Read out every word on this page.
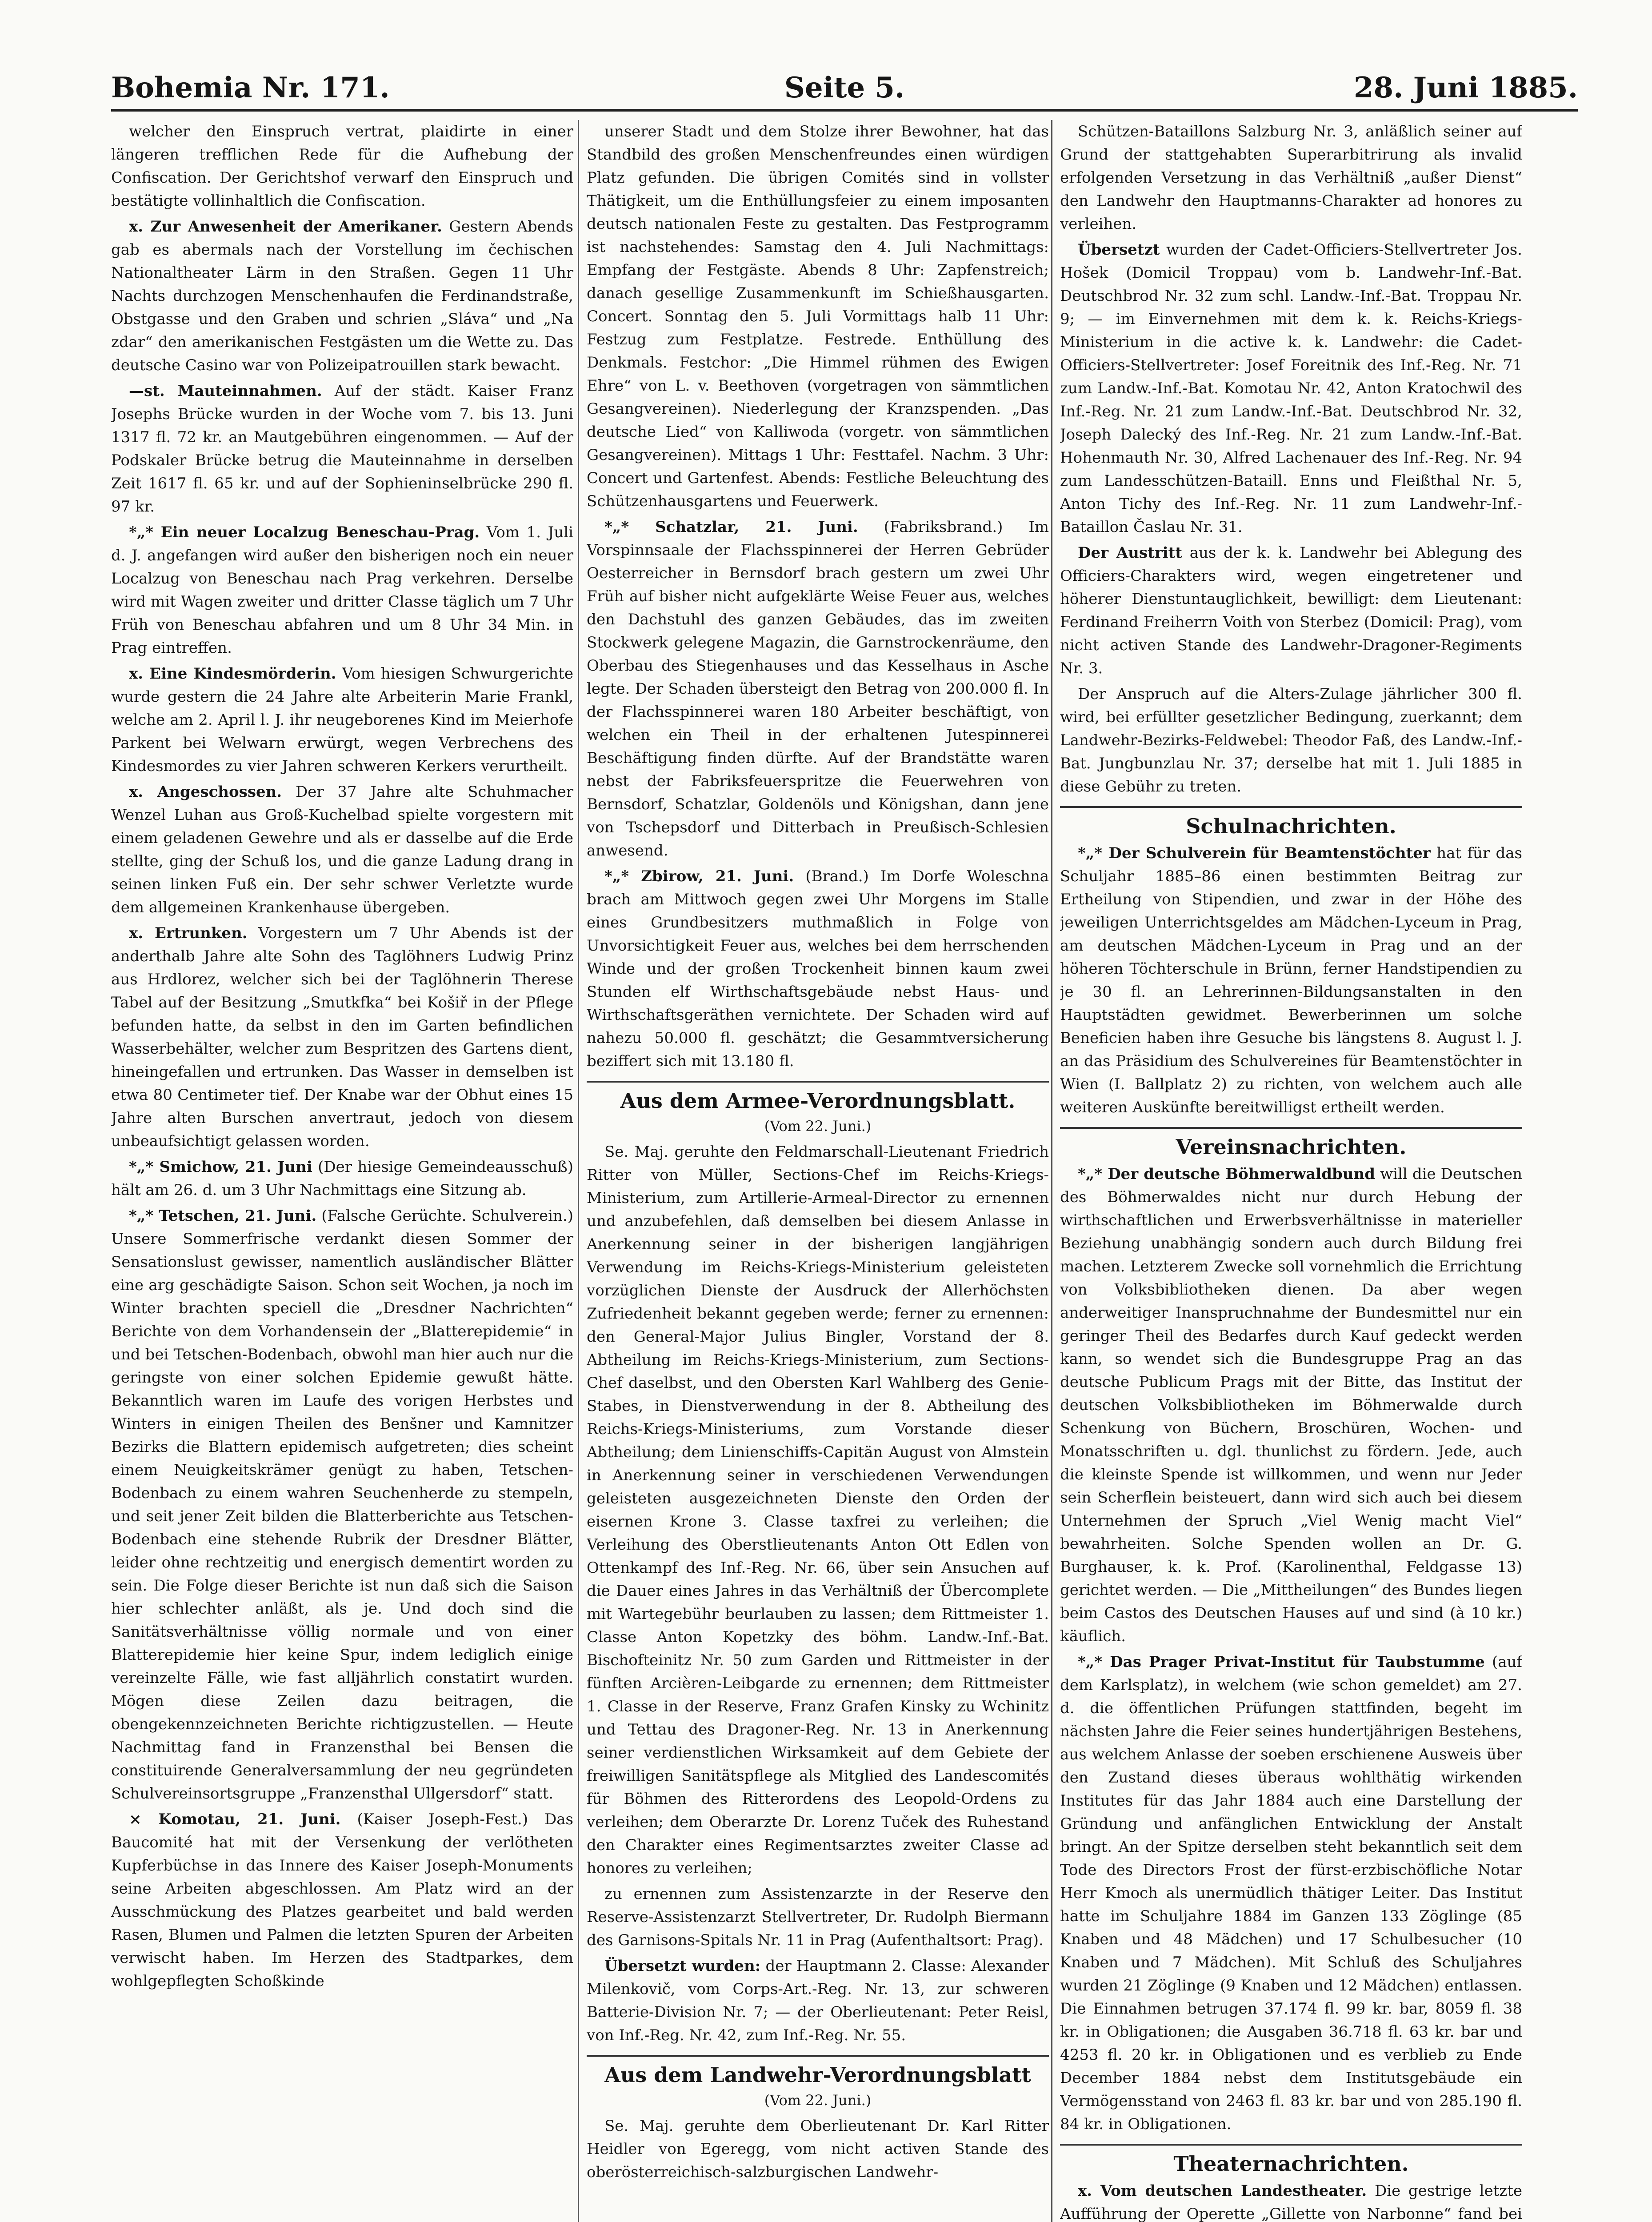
Bohemia Nr. 171.	Seite 5.	28. Juni 1885.

welcher den Einspruch vertrat, plaidirte in einer längeren trefflichen Rede für die Aufhebung der Confiscation. Der Gerichtshof verwarf den Einspruch und bestätigte vollinhaltlich die Confiscation.

x. Zur Anwesenheit der Amerikaner. Gestern Abends gab es abermals nach der Vorstellung im čechischen Nationaltheater Lärm in den Straßen. Gegen 11 Uhr Nachts durchzogen Menschenhaufen die Ferdinandstraße, Obstgasse und den Graben und schrien „Sláva“ und „Na zdar“ den amerikanischen Festgästen um die Wette zu. Das deutsche Casino war von Polizeipatrouillen stark bewacht.

—st. Mauteinnahmen. Auf der städt. Kaiser Franz Josephs Brücke wurden in der Woche vom 7. bis 13. Juni 1317 fl. 72 kr. an Mautgebühren eingenommen. — Auf der Podskaler Brücke betrug die Mauteinnahme in derselben Zeit 1617 fl. 65 kr. und auf der Sophieninselbrücke 290 fl. 97 kr.

*„* Ein neuer Localzug Beneschau-Prag. Vom 1. Juli d. J. angefangen wird außer den bisherigen noch ein neuer Localzug von Beneschau nach Prag verkehren. Derselbe wird mit Wagen zweiter und dritter Classe täglich um 7 Uhr Früh von Beneschau abfahren und um 8 Uhr 34 Min. in Prag eintreffen.

x. Eine Kindesmörderin. Vom hiesigen Schwurgerichte wurde gestern die 24 Jahre alte Arbeiterin Marie Frankl, welche am 2. April l. J. ihr neugeborenes Kind im Meierhofe Parkent bei Welwarn erwürgt, wegen Verbrechens des Kindesmordes zu vier Jahren schweren Kerkers verurtheilt.

x. Angeschossen. Der 37 Jahre alte Schuhmacher Wenzel Luhan aus Groß-Kuchelbad spielte vorgestern mit einem geladenen Gewehre und als er dasselbe auf die Erde stellte, ging der Schuß los, und die ganze Ladung drang in seinen linken Fuß ein. Der sehr schwer Verletzte wurde dem allgemeinen Krankenhause übergeben.

x. Ertrunken. Vorgestern um 7 Uhr Abends ist der anderthalb Jahre alte Sohn des Taglöhners Ludwig Prinz aus Hrdlorez, welcher sich bei der Taglöhnerin Therese Tabel auf der Besitzung „Smutkfka“ bei Košiř in der Pflege befunden hatte, da selbst in den im Garten befindlichen Wasserbehälter, welcher zum Bespritzen des Gartens dient, hineingefallen und ertrunken. Das Wasser in demselben ist etwa 80 Centimeter tief. Der Knabe war der Obhut eines 15 Jahre alten Burschen anvertraut, jedoch von diesem unbeaufsichtigt gelassen worden.

*„* Smichow, 21. Juni (Der hiesige Gemeindeausschuß) hält am 26. d. um 3 Uhr Nachmittags eine Sitzung ab.

*„* Tetschen, 21. Juni. (Falsche Gerüchte. Schulverein.) Unsere Sommerfrische verdankt diesen Sommer der Sensationslust gewisser, namentlich ausländischer Blätter eine arg geschädigte Saison. Schon seit Wochen, ja noch im Winter brachten speciell die „Dresdner Nachrichten“ Berichte von dem Vorhandensein der „Blatterepidemie“ in und bei Tetschen-Bodenbach, obwohl man hier auch nur die geringste von einer solchen Epidemie gewußt hätte. Bekanntlich waren im Laufe des vorigen Herbstes und Winters in einigen Theilen des Benšner und Kamnitzer Bezirks die Blattern epidemisch aufgetreten; dies scheint einem Neuigkeitskrämer genügt zu haben, Tetschen-Bodenbach zu einem wahren Seuchenherde zu stempeln, und seit jener Zeit bilden die Blatterberichte aus Tetschen-Bodenbach eine stehende Rubrik der Dresdner Blätter, leider ohne rechtzeitig und energisch dementirt worden zu sein. Die Folge dieser Berichte ist nun daß sich die Saison hier schlechter anläßt, als je. Und doch sind die Sanitätsverhältnisse völlig normale und von einer Blatterepidemie hier keine Spur, indem lediglich einige vereinzelte Fälle, wie fast alljährlich constatirt wurden. Mögen diese Zeilen dazu beitragen, die obengekennzeichneten Berichte richtigzustellen. — Heute Nachmittag fand in Franzensthal bei Bensen die constituirende Generalversammlung der neu gegründeten Schulvereinsortsgruppe „Franzensthal Ullgersdorf“ statt.

× Komotau, 21. Juni. (Kaiser Joseph-Fest.) Das Baucomité hat mit der Versenkung der verlötheten Kupferbüchse in das Innere des Kaiser Joseph-Monuments seine Arbeiten abgeschlossen. Am Platz wird an der Ausschmückung des Platzes gearbeitet und bald werden Rasen, Blumen und Palmen die letzten Spuren der Arbeiten verwischt haben. Im Herzen des Stadtparkes, dem wohlgepflegten Schoßkinde

unserer Stadt und dem Stolze ihrer Bewohner, hat das Standbild des großen Menschenfreundes einen würdigen Platz gefunden. Die übrigen Comités sind in vollster Thätigkeit, um die Enthüllungsfeier zu einem imposanten deutsch nationalen Feste zu gestalten. Das Festprogramm ist nachstehendes: Samstag den 4. Juli Nachmittags: Empfang der Festgäste. Abends 8 Uhr: Zapfenstreich; danach gesellige Zusammenkunft im Schießhausgarten. Concert. Sonntag den 5. Juli Vormittags halb 11 Uhr: Festzug zum Festplatze. Festrede. Enthüllung des Denkmals. Festchor: „Die Himmel rühmen des Ewigen Ehre“ von L. v. Beethoven (vorgetragen von sämmtlichen Gesangvereinen). Niederlegung der Kranzspenden. „Das deutsche Lied“ von Kalliwoda (vorgetr. von sämmtlichen Gesangvereinen). Mittags 1 Uhr: Festtafel. Nachm. 3 Uhr: Concert und Gartenfest. Abends: Festliche Beleuchtung des Schützenhausgartens und Feuerwerk.

*„* Schatzlar, 21. Juni. (Fabriksbrand.) Im Vorspinnsaale der Flachsspinnerei der Herren Gebrüder Oesterreicher in Bernsdorf brach gestern um zwei Uhr Früh auf bisher nicht aufgeklärte Weise Feuer aus, welches den Dachstuhl des ganzen Gebäudes, das im zweiten Stockwerk gelegene Magazin, die Garnstrockenräume, den Oberbau des Stiegenhauses und das Kesselhaus in Asche legte. Der Schaden übersteigt den Betrag von 200.000 fl. In der Flachsspinnerei waren 180 Arbeiter beschäftigt, von welchen ein Theil in der erhaltenen Jutespinnerei Beschäftigung finden dürfte. Auf der Brandstätte waren nebst der Fabriksfeuerspritze die Feuerwehren von Bernsdorf, Schatzlar, Goldenöls und Königshan, dann jene von Tschepsdorf und Ditterbach in Preußisch-Schlesien anwesend.

*„* Zbirow, 21. Juni. (Brand.) Im Dorfe Woleschna brach am Mittwoch gegen zwei Uhr Morgens im Stalle eines Grundbesitzers muthmaßlich in Folge von Unvorsichtigkeit Feuer aus, welches bei dem herrschenden Winde und der großen Trockenheit binnen kaum zwei Stunden elf Wirthschaftsgebäude nebst Haus- und Wirthschaftsgeräthen vernichtete. Der Schaden wird auf nahezu 50.000 fl. geschätzt; die Gesammtversicherung beziffert sich mit 13.180 fl.

Aus dem Armee-Verordnungsblatt.
(Vom 22. Juni.)

Se. Maj. geruhte den Feldmarschall-Lieutenant Friedrich Ritter von Müller, Sections-Chef im Reichs-Kriegs-Ministerium, zum Artillerie-Armeal-Director zu ernennen und anzubefehlen, daß demselben bei diesem Anlasse in Anerkennung seiner in der bisherigen langjährigen Verwendung im Reichs-Kriegs-Ministerium geleisteten vorzüglichen Dienste der Ausdruck der Allerhöchsten Zufriedenheit bekannt gegeben werde; ferner zu ernennen: den General-Major Julius Bingler, Vorstand der 8. Abtheilung im Reichs-Kriegs-Ministerium, zum Sections-Chef daselbst, und den Obersten Karl Wahlberg des Genie-Stabes, in Dienstverwendung in der 8. Abtheilung des Reichs-Kriegs-Ministeriums, zum Vorstande dieser Abtheilung; dem Linienschiffs-Capitän August von Almstein in Anerkennung seiner in verschiedenen Verwendungen geleisteten ausgezeichneten Dienste den Orden der eisernen Krone 3. Classe taxfrei zu verleihen; die Verleihung des Oberstlieutenants Anton Ott Edlen von Ottenkampf des Inf.-Reg. Nr. 66, über sein Ansuchen auf die Dauer eines Jahres in das Verhältniß der Übercomplete mit Wartegebühr beurlauben zu lassen; dem Rittmeister 1. Classe Anton Kopetzky des böhm. Landw.-Inf.-Bat. Bischofteinitz Nr. 50 zum Garden und Rittmeister in der fünften Arcièren-Leibgarde zu ernennen; dem Rittmeister 1. Classe in der Reserve, Franz Grafen Kinsky zu Wchinitz und Tettau des Dragoner-Reg. Nr. 13 in Anerkennung seiner verdienstlichen Wirksamkeit auf dem Gebiete der freiwilligen Sanitätspflege als Mitglied des Landescomités für Böhmen des Ritterordens des Leopold-Ordens zu verleihen; dem Oberarzte Dr. Lorenz Tuček des Ruhestand den Charakter eines Regimentsarztes zweiter Classe ad honores zu verleihen;

zu ernennen zum Assistenzarzte in der Reserve den Reserve-Assistenzarzt Stellvertreter, Dr. Rudolph Biermann des Garnisons-Spitals Nr. 11 in Prag (Aufenthaltsort: Prag).

Übersetzt wurden: der Hauptmann 2. Classe: Alexander Milenkovič, vom Corps-Art.-Reg. Nr. 13, zur schweren Batterie-Division Nr. 7; — der Oberlieutenant: Peter Reisl, von Inf.-Reg. Nr. 42, zum Inf.-Reg. Nr. 55.

Aus dem Landwehr-Verordnungsblatt
(Vom 22. Juni.)

Se. Maj. geruhte dem Oberlieutenant Dr. Karl Ritter Heidler von Egeregg, vom nicht activen Stande des oberösterreichisch-salzburgischen Landwehr-

Schützen-Bataillons Salzburg Nr. 3, anläßlich seiner auf Grund der stattgehabten Superarbitrirung als invalid erfolgenden Versetzung in das Verhältniß „außer Dienst“ den Landwehr den Hauptmanns-Charakter ad honores zu verleihen.

Übersetzt wurden der Cadet-Officiers-Stellvertreter Jos. Hošek (Domicil Troppau) vom b. Landwehr-Inf.-Bat. Deutschbrod Nr. 32 zum schl. Landw.-Inf.-Bat. Troppau Nr. 9; — im Einvernehmen mit dem k. k. Reichs-Kriegs-Ministerium in die active k. k. Landwehr: die Cadet-Officiers-Stellvertreter: Josef Foreitnik des Inf.-Reg. Nr. 71 zum Landw.-Inf.-Bat. Komotau Nr. 42, Anton Kratochwil des Inf.-Reg. Nr. 21 zum Landw.-Inf.-Bat. Deutschbrod Nr. 32, Joseph Dalecký des Inf.-Reg. Nr. 21 zum Landw.-Inf.-Bat. Hohenmauth Nr. 30, Alfred Lachenauer des Inf.-Reg. Nr. 94 zum Landesschützen-Bataill. Enns und Fleißthal Nr. 5, Anton Tichy des Inf.-Reg. Nr. 11 zum Landwehr-Inf.-Bataillon Časlau Nr. 31.

Der Austritt aus der k. k. Landwehr bei Ablegung des Officiers-Charakters wird, wegen eingetretener und höherer Dienstuntauglichkeit, bewilligt: dem Lieutenant: Ferdinand Freiherrn Voith von Sterbez (Domicil: Prag), vom nicht activen Stande des Landwehr-Dragoner-Regiments Nr. 3.

Der Anspruch auf die Alters-Zulage jährlicher 300 fl. wird, bei erfüllter gesetzlicher Bedingung, zuerkannt; dem Landwehr-Bezirks-Feldwebel: Theodor Faß, des Landw.-Inf.-Bat. Jungbunzlau Nr. 37; derselbe hat mit 1. Juli 1885 in diese Gebühr zu treten.

Schulnachrichten.

*„* Der Schulverein für Beamtenstöchter hat für das Schuljahr 1885–86 einen bestimmten Beitrag zur Ertheilung von Stipendien, und zwar in der Höhe des jeweiligen Unterrichtsgeldes am Mädchen-Lyceum in Prag, am deutschen Mädchen-Lyceum in Prag und an der höheren Töchterschule in Brünn, ferner Handstipendien zu je 30 fl. an Lehrerinnen-Bildungsanstalten in den Hauptstädten gewidmet. Bewerberinnen um solche Beneficien haben ihre Gesuche bis längstens 8. August l. J. an das Präsidium des Schulvereines für Beamtenstöchter in Wien (I. Ballplatz 2) zu richten, von welchem auch alle weiteren Auskünfte bereitwilligst ertheilt werden.

Vereinsnachrichten.

*„* Der deutsche Böhmerwaldbund will die Deutschen des Böhmerwaldes nicht nur durch Hebung der wirthschaftlichen und Erwerbsverhältnisse in materieller Beziehung unabhängig sondern auch durch Bildung frei machen. Letzterem Zwecke soll vornehmlich die Errichtung von Volksbibliotheken dienen. Da aber wegen anderweitiger Inanspruchnahme der Bundesmittel nur ein geringer Theil des Bedarfes durch Kauf gedeckt werden kann, so wendet sich die Bundesgruppe Prag an das deutsche Publicum Prags mit der Bitte, das Institut der deutschen Volksbibliotheken im Böhmerwalde durch Schenkung von Büchern, Broschüren, Wochen- und Monatsschriften u. dgl. thunlichst zu fördern. Jede, auch die kleinste Spende ist willkommen, und wenn nur Jeder sein Scherflein beisteuert, dann wird sich auch bei diesem Unternehmen der Spruch „Viel Wenig macht Viel“ bewahrheiten. Solche Spenden wollen an Dr. G. Burghauser, k. k. Prof. (Karolinenthal, Feldgasse 13) gerichtet werden. — Die „Mittheilungen“ des Bundes liegen beim Castos des Deutschen Hauses auf und sind (à 10 kr.) käuflich.

*„* Das Prager Privat-Institut für Taubstumme (auf dem Karlsplatz), in welchem (wie schon gemeldet) am 27. d. die öffentlichen Prüfungen stattfinden, begeht im nächsten Jahre die Feier seines hundertjährigen Bestehens, aus welchem Anlasse der soeben erschienene Ausweis über den Zustand dieses überaus wohlthätig wirkenden Institutes für das Jahr 1884 auch eine Darstellung der Gründung und anfänglichen Entwicklung der Anstalt bringt. An der Spitze derselben steht bekanntlich seit dem Tode des Directors Frost der fürst-erzbischöfliche Notar Herr Kmoch als unermüdlich thätiger Leiter. Das Institut hatte im Schuljahre 1884 im Ganzen 133 Zöglinge (85 Knaben und 48 Mädchen) und 17 Schulbesucher (10 Knaben und 7 Mädchen). Mit Schluß des Schuljahres wurden 21 Zöglinge (9 Knaben und 12 Mädchen) entlassen. Die Einnahmen betrugen 37.174 fl. 99 kr. bar, 8059 fl. 38 kr. in Obligationen; die Ausgaben 36.718 fl. 63 kr. bar und 4253 fl. 20 kr. in Obligationen und es verblieb zu Ende December 1884 nebst dem Institutsgebäude ein Vermögensstand von 2463 fl. 83 kr. bar und von 285.190 fl. 84 kr. in Obligationen.

Theaternachrichten.

x. Vom deutschen Landestheater. Die gestrige letzte Aufführung der Operette „Gillette von Narbonne“ fand bei
